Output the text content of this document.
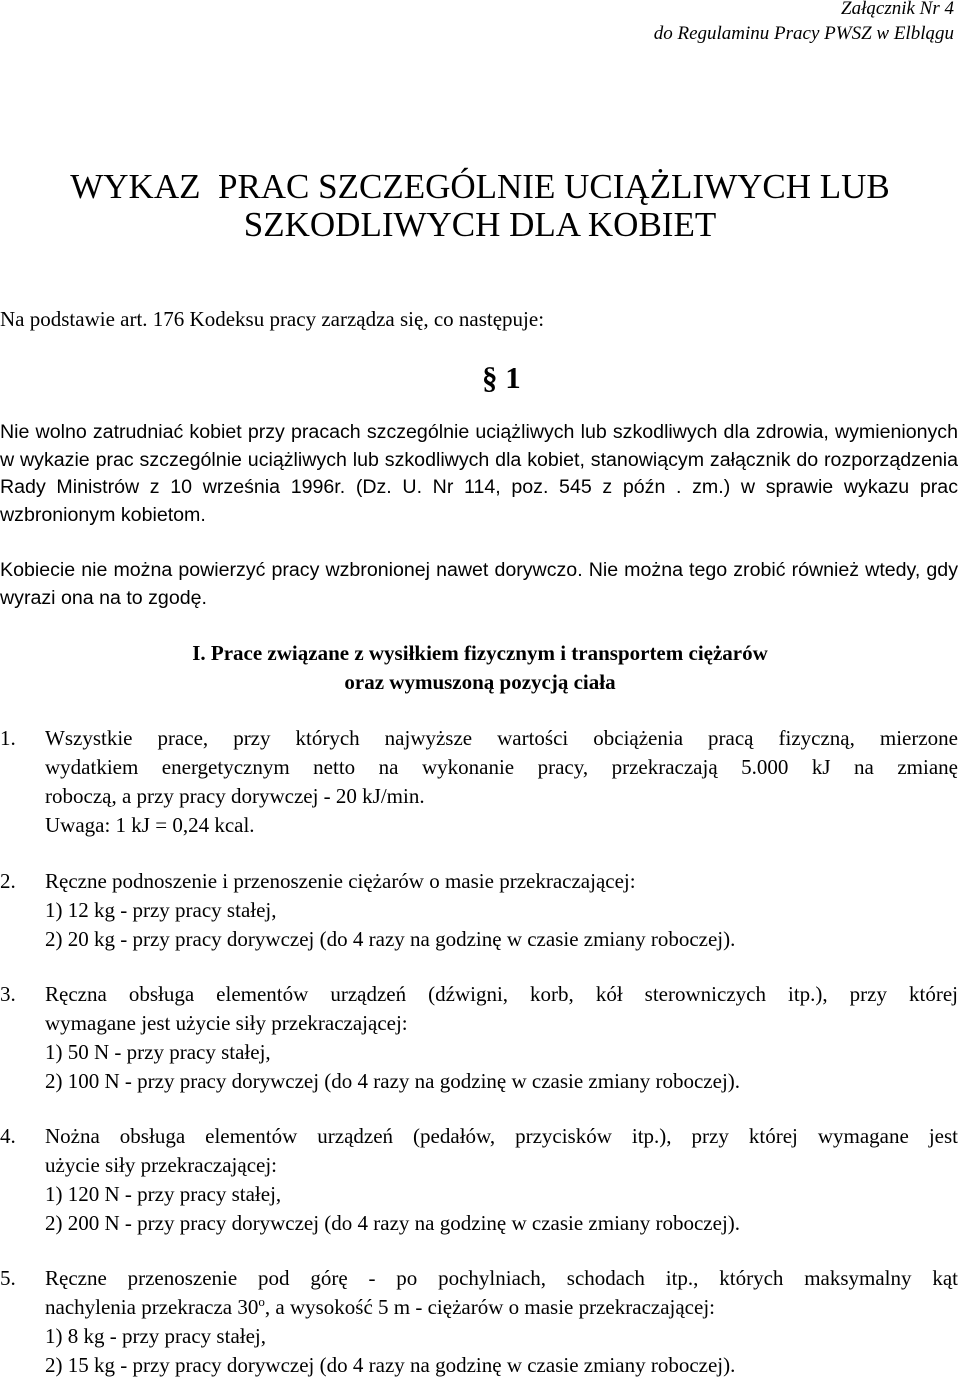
Załącznik Nr 4
do Regulaminu Pracy PWSZ w Elblągu
WYKAZ  PRAC SZCZEGÓLNIE UCIĄŻLIWYCH LUB
SZKODLIWYCH DLA KOBIET
Na podstawie art. 176 Kodeksu pracy zarządza się, co następuje:
§ 1
Nie wolno zatrudniać kobiet przy pracach szczególnie uciążliwych lub szkodliwych dla zdrowia, wymienionych w wykazie prac szczególnie uciążliwych lub szkodliwych dla kobiet, stanowiącym załącznik do rozporządzenia Rady Ministrów z 10 września 1996r. (Dz. U. Nr 114, poz. 545 z późn . zm.) w sprawie wykazu prac wzbronionym kobietom.
Kobiecie nie można powierzyć pracy wzbronionej nawet dorywczo. Nie można tego zrobić również wtedy, gdy wyrazi ona na to zgodę.
I. Prace związane z wysiłkiem fizycznym i transportem ciężarów
oraz wymuszoną pozycją ciała
1. Wszystkie prace, przy których najwyższe wartości obciążenia pracą fizyczną, mierzone
wydatkiem energetycznym netto na wykonanie pracy, przekraczają 5.000 kJ na zmianę
roboczą, a przy pracy dorywczej - 20 kJ/min.
Uwaga: 1 kJ = 0,24 kcal.
2. Ręczne podnoszenie i przenoszenie ciężarów o masie przekraczającej:
1) 12 kg - przy pracy stałej,
2) 20 kg - przy pracy dorywczej (do 4 razy na godzinę w czasie zmiany roboczej).
3. Ręczna obsługa elementów urządzeń (dźwigni, korb, kół sterowniczych itp.), przy której
wymagane jest użycie siły przekraczającej:
1) 50 N - przy pracy stałej,
2) 100 N - przy pracy dorywczej (do 4 razy na godzinę w czasie zmiany roboczej).
4. Nożna obsługa elementów urządzeń (pedałów, przycisków itp.), przy której wymagane jest
użycie siły przekraczającej:
1) 120 N - przy pracy stałej,
2) 200 N - przy pracy dorywczej (do 4 razy na godzinę w czasie zmiany roboczej).
5. Ręczne przenoszenie pod górę - po pochylniach, schodach itp., których maksymalny kąt
nachylenia przekracza 30$^o$, a wysokość 5 m - ciężarów o masie przekraczającej:
1) 8 kg - przy pracy stałej,
2) 15 kg - przy pracy dorywczej (do 4 razy na godzinę w czasie zmiany roboczej).
